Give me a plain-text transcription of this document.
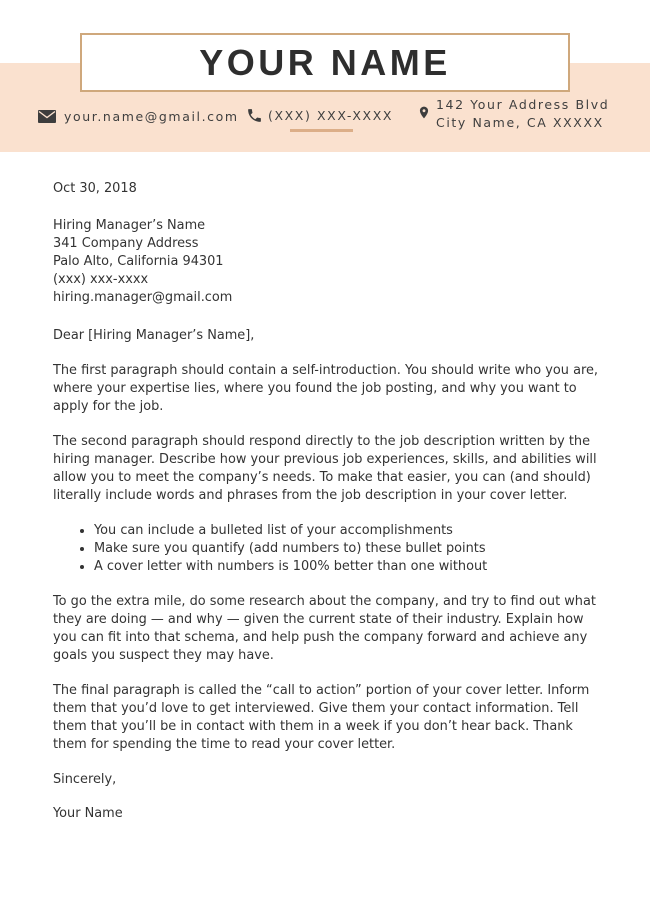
YOUR NAME
your.name@gmail.com (XXX) XXX-XXXX
142 Your Address Blvd
City Name, CA XXXXX

Oct 30, 2018

Hiring Manager’s Name
341 Company Address
Palo Alto, California 94301
(xxx) xxx-xxxx
hiring.manager@gmail.com

Dear [Hiring Manager’s Name],

The first paragraph should contain a self-introduction. You should write who you are, where your expertise lies, where you found the job posting, and why you want to apply for the job.

The second paragraph should respond directly to the job description written by the hiring manager. Describe how your previous job experiences, skills, and abilities will allow you to meet the company’s needs. To make that easier, you can (and should) literally include words and phrases from the job description in your cover letter.

• You can include a bulleted list of your accomplishments
• Make sure you quantify (add numbers to) these bullet points
• A cover letter with numbers is 100% better than one without

To go the extra mile, do some research about the company, and try to find out what they are doing — and why — given the current state of their industry. Explain how you can fit into that schema, and help push the company forward and achieve any goals you suspect they may have.

The final paragraph is called the “call to action” portion of your cover letter. Inform them that you’d love to get interviewed. Give them your contact information. Tell them that you’ll be in contact with them in a week if you don’t hear back. Thank them for spending the time to read your cover letter.

Sincerely,

Your Name
